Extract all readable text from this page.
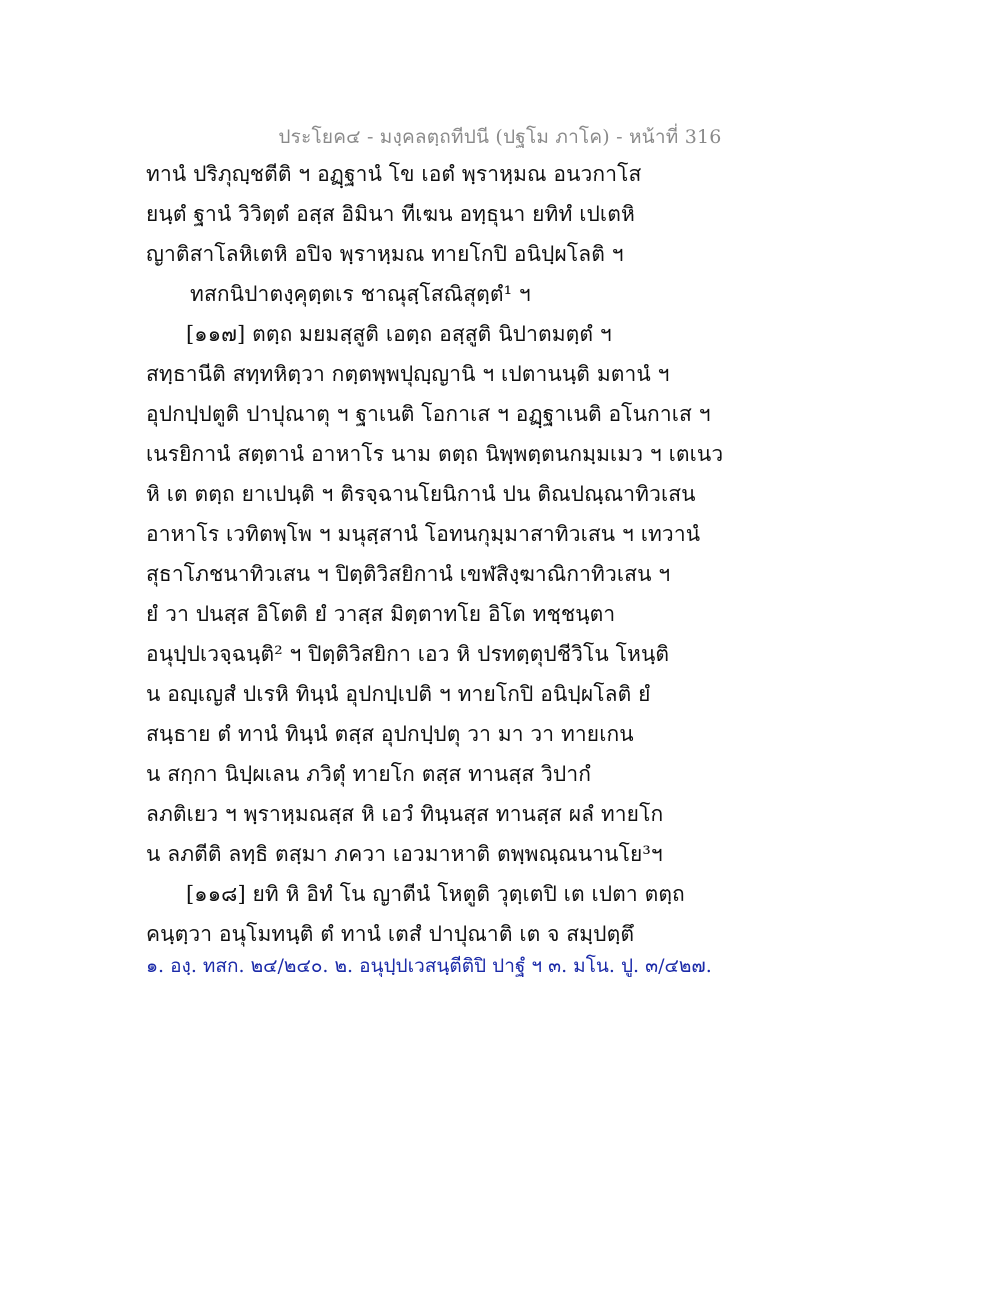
ประโยค๔ - มงฺคลตฺถทีปนี (ปฐโม ภาโค) - หน้าที่ 316
ทานํ ปริภุญฺชตีติ ฯ อฏฺฐานํ โข เอตํ พฺราหฺมณ อนวกาโส
ยนฺตํ ฐานํ วิวิตฺตํ อสฺส อิมินา ทีเฆน อทฺธุนา ยทิทํ เปเตหิ
ญาติสาโลหิเตหิ อปิจ พฺราหฺมณ ทายโกปิ อนิปฺผโลติ ฯ
ทสกนิปาตงฺคุตฺตเร ชาณุสฺโสณิสุตฺตํ¹ ฯ
[๑๑๗] ตตฺถ มยมสฺสูติ เอตฺถ อสฺสูติ นิปาตมตฺตํ ฯ
สทฺธานีติ สทฺทหิตฺวา กตฺตพฺพปุญฺญานิ ฯ เปตานนฺติ มตานํ ฯ
อุปกปฺปตูติ ปาปุณาตุ ฯ ฐาเนติ โอกาเส ฯ อฏฺฐาเนติ อโนกาเส ฯ
เนรยิกานํ สตฺตานํ อาหาโร นาม ตตฺถ นิพฺพตฺตนกมฺมเมว ฯ เตเนว
หิ เต ตตฺถ ยาเปนฺติ ฯ ติรจฺฉานโยนิกานํ ปน ติณปณฺณาทิวเสน
อาหาโร เวทิตพฺโพ ฯ มนุสฺสานํ โอทนกุมฺมาสาทิวเสน ฯ เทวานํ
สุธาโภชนาทิวเสน ฯ ปิตฺติวิสยิกานํ เขฬสิงฺฆาณิกาทิวเสน ฯ
ยํ วา ปนสฺส อิโตติ ยํ วาสฺส มิตฺตาทโย อิโต ทชฺชนฺตา
อนุปฺปเวจฺฉนฺติ² ฯ ปิตฺติวิสยิกา เอว หิ ปรทตฺตุปชีวิโน โหนฺติ
น อญฺเญสํ ปเรหิ ทินฺนํ อุปกปฺเปติ ฯ ทายโกปิ อนิปฺผโลติ ยํ
สนฺธาย ตํ ทานํ ทินฺนํ ตสฺส อุปกปฺปตุ วา มา วา ทายเกน
น สกฺกา นิปฺผเลน ภวิตุํ ทายโก ตสฺส ทานสฺส วิปากํ
ลภติเยว ฯ พฺราหฺมณสฺส หิ เอวํ ทินฺนสฺส ทานสฺส ผลํ ทายโก
น ลภตีติ ลทฺธิ ตสฺมา ภควา เอวมาหาติ ตพฺพณฺณนานโย³ฯ
[๑๑๘] ยทิ หิ อิทํ โน ญาตีนํ โหตูติ วุตฺเตปิ เต เปตา ตตฺถ
คนฺตฺวา อนุโมทนฺติ ตํ ทานํ เตสํ ปาปุณาติ เต จ สมฺปตฺตึ
๑. องฺ. ทสก. ๒๔/๒๔๐. ๒. อนุปฺปเวสนฺตีติปิ ปาฐํ ฯ ๓. มโน. ปู. ๓/๔๒๗.
